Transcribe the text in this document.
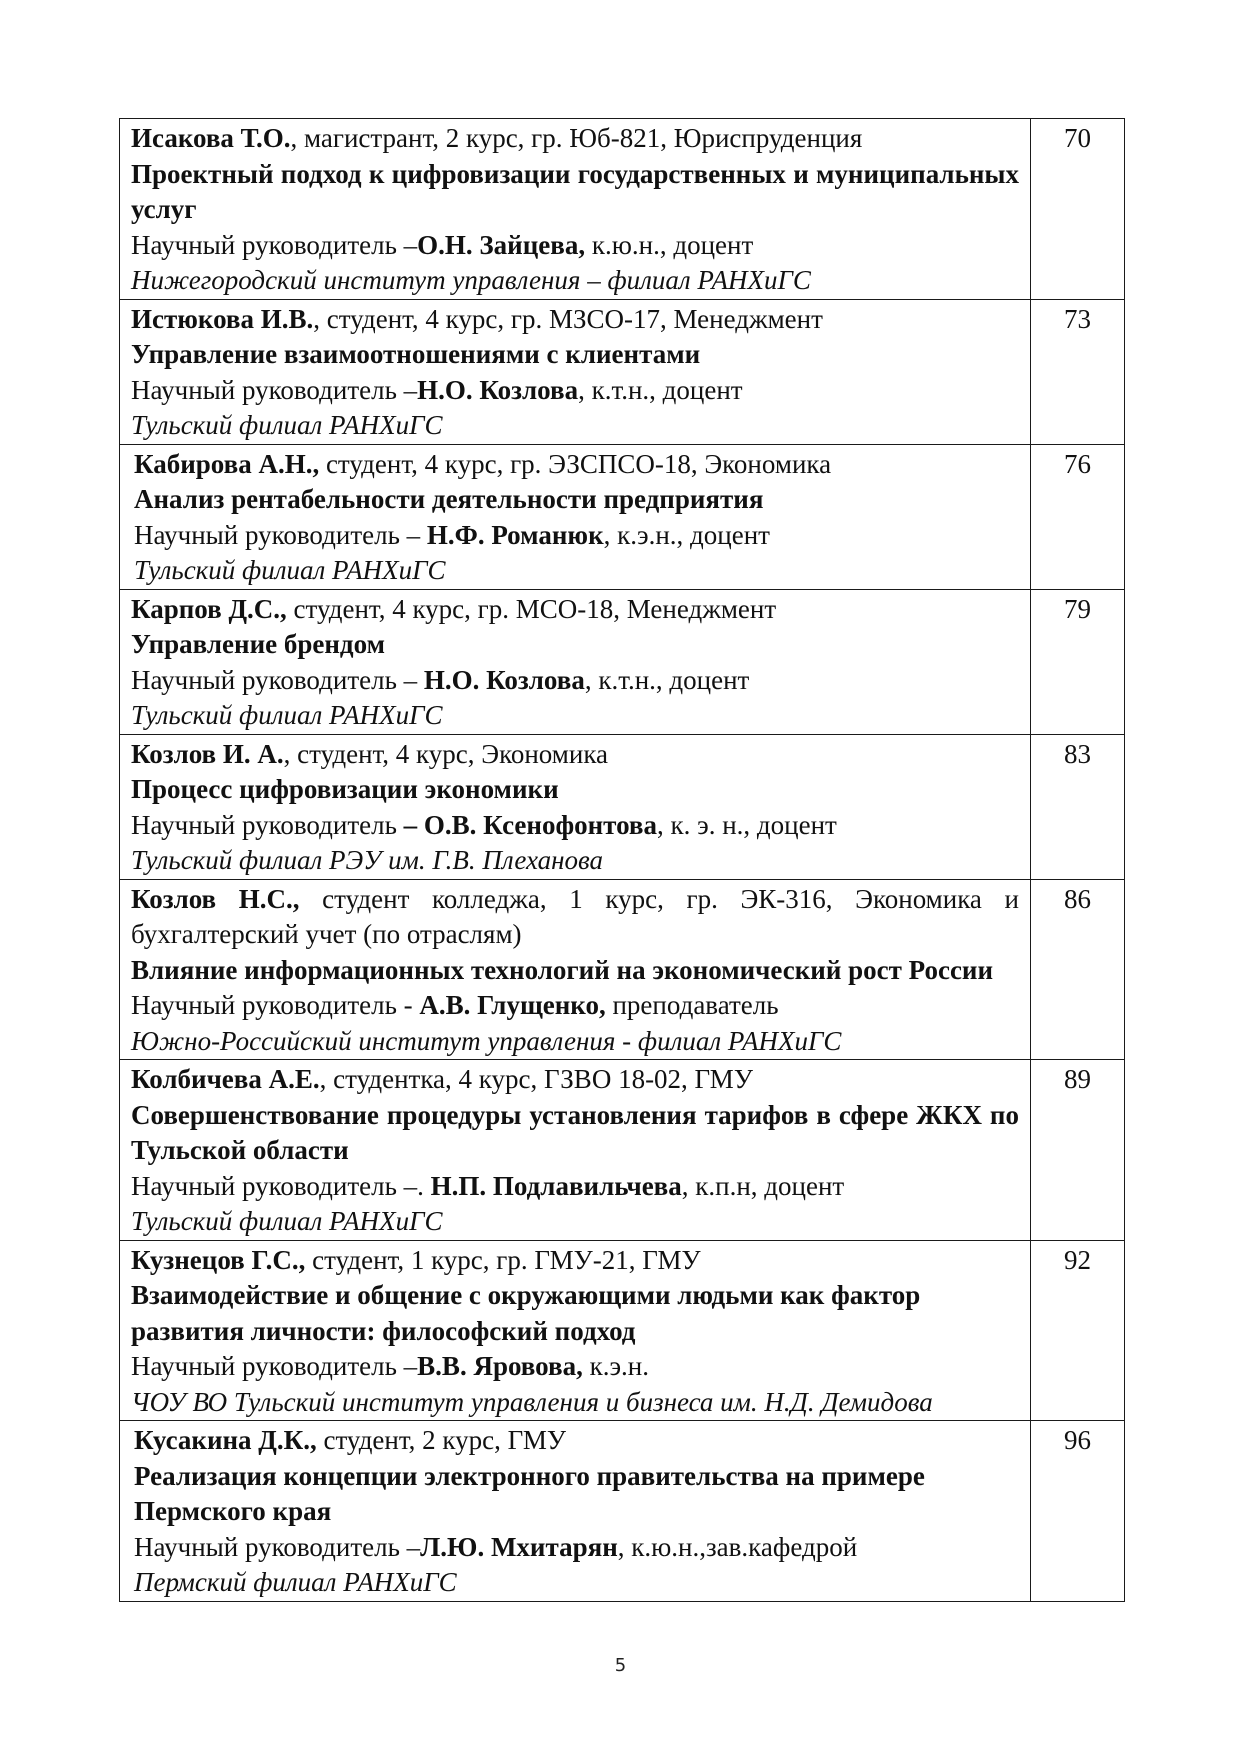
Исакова Т.О., магистрант, 2 курс, гр. Юб-821, Юриспруденция
Проектный подход к цифровизации государственных и муниципальных услуг
Научный руководитель –О.Н. Зайцева, к.ю.н., доцент
Нижегородский институт управления – филиал РАНХиГС	70

Истюкова И.В., студент, 4 курс, гр. МЗСО-17, Менеджмент
Управление взаимоотношениями с клиентами
Научный руководитель –Н.О. Козлова, к.т.н., доцент
Тульский филиал РАНХиГС	73

Кабирова А.Н., студент, 4 курс, гр. ЭЗСПСО-18, Экономика
Анализ рентабельности деятельности предприятия
Научный руководитель – Н.Ф. Романюк, к.э.н., доцент
Тульский филиал РАНХиГС	76

Карпов Д.С., студент, 4 курс, гр. МСО-18, Менеджмент
Управление брендом
Научный руководитель – Н.О. Козлова, к.т.н., доцент
Тульский филиал РАНХиГС	79

Козлов И. А., студент, 4 курс, Экономика
Процесс цифровизации экономики
Научный руководитель – О.В. Ксенофонтова, к. э. н., доцент
Тульский филиал РЭУ им. Г.В. Плеханова	83

Козлов Н.С., студент колледжа, 1 курс, гр. ЭК-316, Экономика и бухгалтерский учет (по отраслям)
Влияние информационных технологий на экономический рост России
Научный руководитель - А.В. Глущенко, преподаватель
Южно-Российский институт управления - филиал РАНХиГС	86

Колбичева А.Е., студентка, 4 курс, ГЗВО 18-02, ГМУ
Совершенствование процедуры установления тарифов в сфере ЖКХ по Тульской области
Научный руководитель –. Н.П. Подлавильчева, к.п.н, доцент
Тульский филиал РАНХиГС	89

Кузнецов Г.С., студент, 1 курс, гр. ГМУ-21, ГМУ
Взаимодействие и общение с окружающими людьми как фактор развития личности: философский подход
Научный руководитель –В.В. Яровова, к.э.н.
ЧОУ ВО Тульский институт управления и бизнеса им. Н.Д. Демидова	92

Кусакина Д.К., студент, 2 курс, ГМУ
Реализация концепции электронного правительства на примере Пермского края
Научный руководитель –Л.Ю. Мхитарян, к.ю.н.,зав.кафедрой
Пермский филиал РАНХиГС	96
5
